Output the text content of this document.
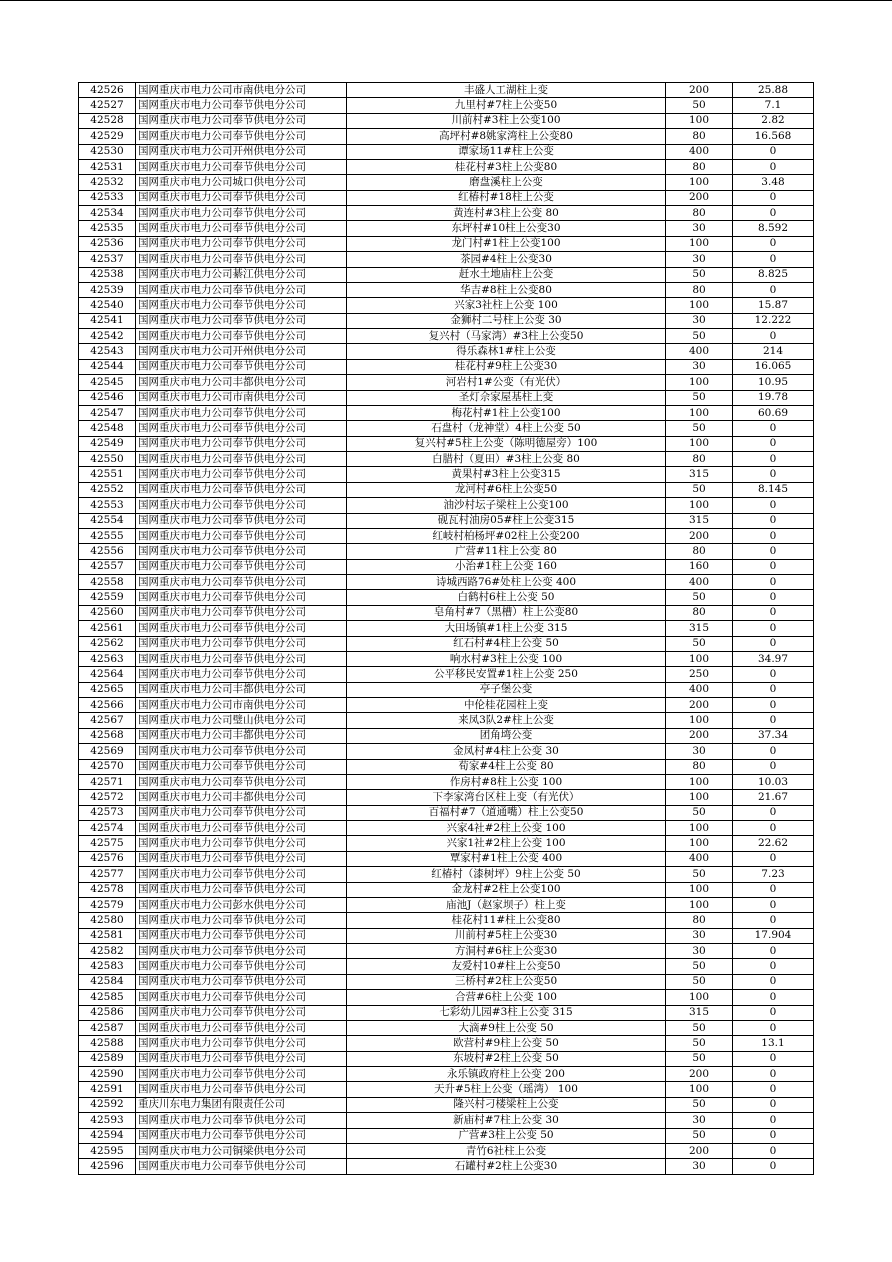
42526	国网重庆市电力公司市南供电分公司	丰盛人工湖柱上变	200	25.88
42527	国网重庆市电力公司奉节供电分公司	九里村#7柱上公变50	50	7.1
42528	国网重庆市电力公司奉节供电分公司	川前村#3柱上公变100	100	2.82
42529	国网重庆市电力公司奉节供电分公司	高坪村#8姚家湾柱上公变80	80	16.568
42530	国网重庆市电力公司开州供电分公司	谭家场11#柱上公变	400	0
42531	国网重庆市电力公司奉节供电分公司	桂花村#3柱上公变80	80	0
42532	国网重庆市电力公司城口供电分公司	磨盘溪柱上公变	100	3.48
42533	国网重庆市电力公司奉节供电分公司	红椿村#18柱上公变	200	0
42534	国网重庆市电力公司奉节供电分公司	黄连村#3柱上公变 80	80	0
42535	国网重庆市电力公司奉节供电分公司	东坪村#10柱上公变30	30	8.592
42536	国网重庆市电力公司奉节供电分公司	龙门村#1柱上公变100	100	0
42537	国网重庆市电力公司奉节供电分公司	茶园#4柱上公变30	30	0
42538	国网重庆市电力公司綦江供电分公司	赶水土地庙柱上公变	50	8.825
42539	国网重庆市电力公司奉节供电分公司	华吉#8柱上公变80	80	0
42540	国网重庆市电力公司奉节供电分公司	兴家3社柱上公变 100	100	15.87
42541	国网重庆市电力公司奉节供电分公司	金狮村二号柱上公变 30	30	12.222
42542	国网重庆市电力公司奉节供电分公司	复兴村（马家湾）#3柱上公变50	50	0
42543	国网重庆市电力公司开州供电分公司	得乐森林1#柱上公变	400	214
42544	国网重庆市电力公司奉节供电分公司	桂花村#9柱上公变30	30	16.065
42545	国网重庆市电力公司丰都供电分公司	河岩村1#公变（有光伏）	100	10.95
42546	国网重庆市电力公司市南供电分公司	圣灯佘家屋基柱上变	50	19.78
42547	国网重庆市电力公司奉节供电分公司	梅花村#1柱上公变100	100	60.69
42548	国网重庆市电力公司奉节供电分公司	石盘村（龙神堂）4柱上公变 50	50	0
42549	国网重庆市电力公司奉节供电分公司	复兴村#5柱上公变（陈明德屋旁）100	100	0
42550	国网重庆市电力公司奉节供电分公司	白腊村（夏田）#3柱上公变 80	80	0
42551	国网重庆市电力公司奉节供电分公司	黄果村#3柱上公变315	315	0
42552	国网重庆市电力公司奉节供电分公司	龙河村#6柱上公变50	50	8.145
42553	国网重庆市电力公司奉节供电分公司	油沙村坛子梁柱上公变100	100	0
42554	国网重庆市电力公司奉节供电分公司	砚瓦村油房05#柱上公变315	315	0
42555	国网重庆市电力公司奉节供电分公司	红岐村柏杨坪#02柱上公变200	200	0
42556	国网重庆市电力公司奉节供电分公司	广营#11柱上公变 80	80	0
42557	国网重庆市电力公司奉节供电分公司	小治#1柱上公变 160	160	0
42558	国网重庆市电力公司奉节供电分公司	诗城西路76#处柱上公变 400	400	0
42559	国网重庆市电力公司奉节供电分公司	白鹤村6柱上公变 50	50	0
42560	国网重庆市电力公司奉节供电分公司	皂角村#7（黑槽）柱上公变80	80	0
42561	国网重庆市电力公司奉节供电分公司	大田场镇#1柱上公变 315	315	0
42562	国网重庆市电力公司奉节供电分公司	红石村#4柱上公变 50	50	0
42563	国网重庆市电力公司奉节供电分公司	响水村#3柱上公变 100	100	34.97
42564	国网重庆市电力公司奉节供电分公司	公平移民安置#1柱上公变 250	250	0
42565	国网重庆市电力公司丰都供电分公司	亭子堡公变	400	0
42566	国网重庆市电力公司市南供电分公司	中伦桂花园柱上变	200	0
42567	国网重庆市电力公司璧山供电分公司	来凤3队2#柱上公变	100	0
42568	国网重庆市电力公司丰都供电分公司	团角塆公变	200	37.34
42569	国网重庆市电力公司奉节供电分公司	金凤村#4柱上公变 30	30	0
42570	国网重庆市电力公司奉节供电分公司	荀家#4柱上公变 80	80	0
42571	国网重庆市电力公司奉节供电分公司	作房村#8柱上公变 100	100	10.03
42572	国网重庆市电力公司丰都供电分公司	下李家湾台区柱上变（有光伏）	100	21.67
42573	国网重庆市电力公司奉节供电分公司	百福村#7（道通嘴）柱上公变50	50	0
42574	国网重庆市电力公司奉节供电分公司	兴家4社#2柱上公变 100	100	0
42575	国网重庆市电力公司奉节供电分公司	兴家1社#2柱上公变 100	100	22.62
42576	国网重庆市电力公司奉节供电分公司	覃家村#1柱上公变 400	400	0
42577	国网重庆市电力公司奉节供电分公司	红椿村（漆树坪）9柱上公变 50	50	7.23
42578	国网重庆市电力公司奉节供电分公司	金龙村#2柱上公变100	100	0
42579	国网重庆市电力公司彭水供电分公司	庙池J（赵家坝子）柱上变	100	0
42580	国网重庆市电力公司奉节供电分公司	桂花村11#柱上公变80	80	0
42581	国网重庆市电力公司奉节供电分公司	川前村#5柱上公变30	30	17.904
42582	国网重庆市电力公司奉节供电分公司	方洞村#6柱上公变30	30	0
42583	国网重庆市电力公司奉节供电分公司	友爱村10#柱上公变50	50	0
42584	国网重庆市电力公司奉节供电分公司	三桥村#2柱上公变50	50	0
42585	国网重庆市电力公司奉节供电分公司	合营#6柱上公变 100	100	0
42586	国网重庆市电力公司奉节供电分公司	七彩幼儿园#3柱上公变 315	315	0
42587	国网重庆市电力公司奉节供电分公司	大滴#9柱上公变 50	50	0
42588	国网重庆市电力公司奉节供电分公司	欧营村#9柱上公变 50	50	13.1
42589	国网重庆市电力公司奉节供电分公司	东坡村#2柱上公变 50	50	0
42590	国网重庆市电力公司奉节供电分公司	永乐镇政府柱上公变 200	200	0
42591	国网重庆市电力公司奉节供电分公司	天升#5柱上公变（瑶湾） 100	100	0
42592	重庆川东电力集团有限责任公司	隆兴村刁楼梁柱上公变	50	0
42593	国网重庆市电力公司奉节供电分公司	新庙村#7柱上公变 30	30	0
42594	国网重庆市电力公司奉节供电分公司	广营#3柱上公变 50	50	0
42595	国网重庆市电力公司铜梁供电分公司	青竹6社柱上公变	200	0
42596	国网重庆市电力公司奉节供电分公司	石罐村#2柱上公变30	30	0
